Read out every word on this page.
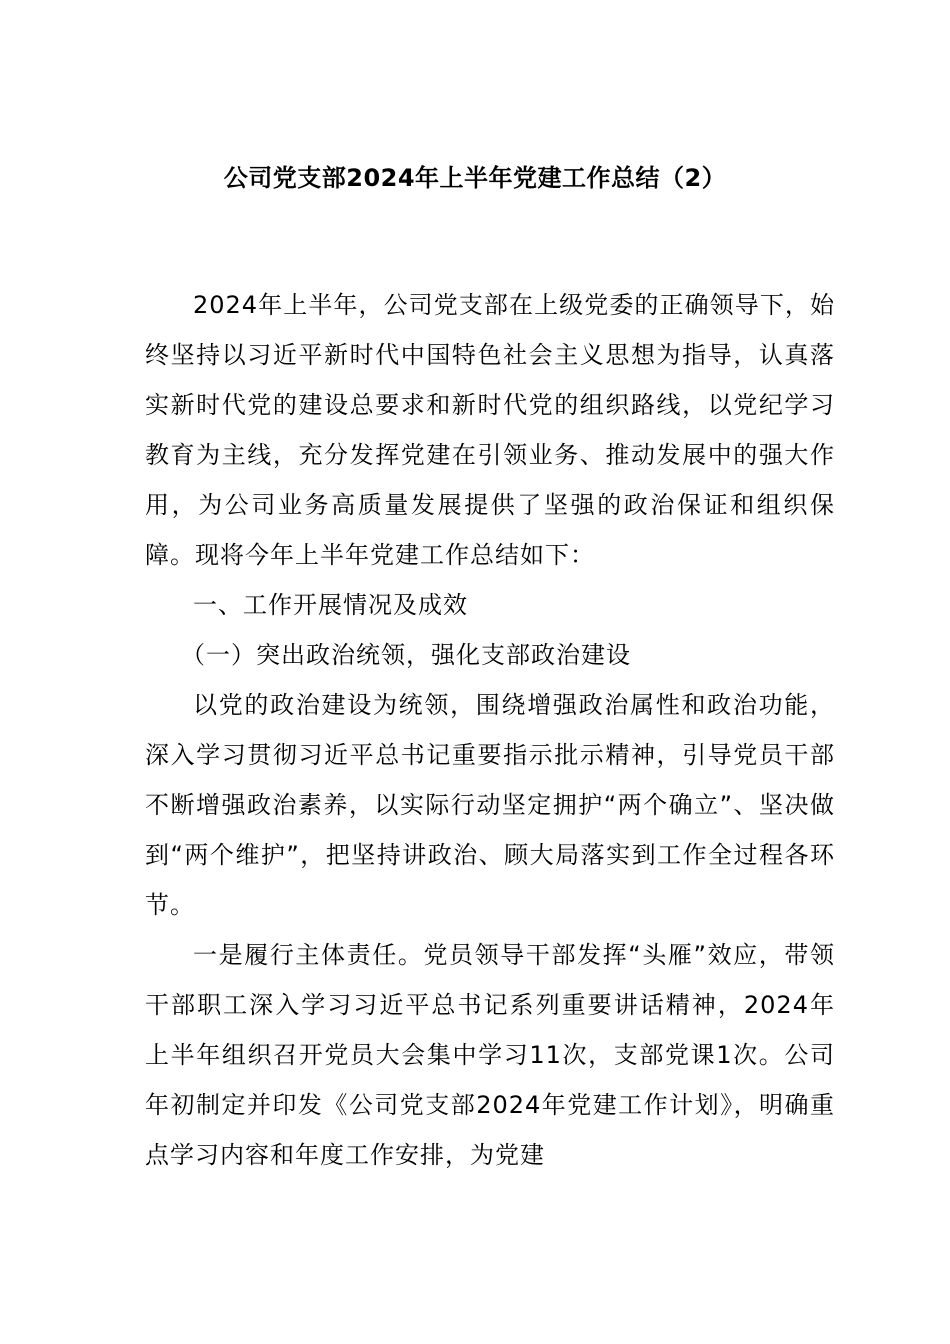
公司党支部2024年上半年党建工作总结（2）

2024年上半年，公司党支部在上级党委的正确领导下，始终坚持以习近平新时代中国特色社会主义思想为指导，认真落实新时代党的建设总要求和新时代党的组织路线，以党纪学习教育为主线，充分发挥党建在引领业务、推动发展中的强大作用，为公司业务高质量发展提供了坚强的政治保证和组织保障。现将今年上半年党建工作总结如下：

一、工作开展情况及成效

（一）突出政治统领，强化支部政治建设

以党的政治建设为统领，围绕增强政治属性和政治功能，深入学习贯彻习近平总书记重要指示批示精神，引导党员干部不断增强政治素养，以实际行动坚定拥护“两个确立”、坚决做到“两个维护”，把坚持讲政治、顾大局落实到工作全过程各环节。

一是履行主体责任。党员领导干部发挥“头雁”效应，带领干部职工深入学习习近平总书记系列重要讲话精神，2024年上半年组织召开党员大会集中学习11次，支部党课1次。公司年初制定并印发《公司党支部2024年党建工作计划》，明确重点学习内容和年度工作安排，为党建
